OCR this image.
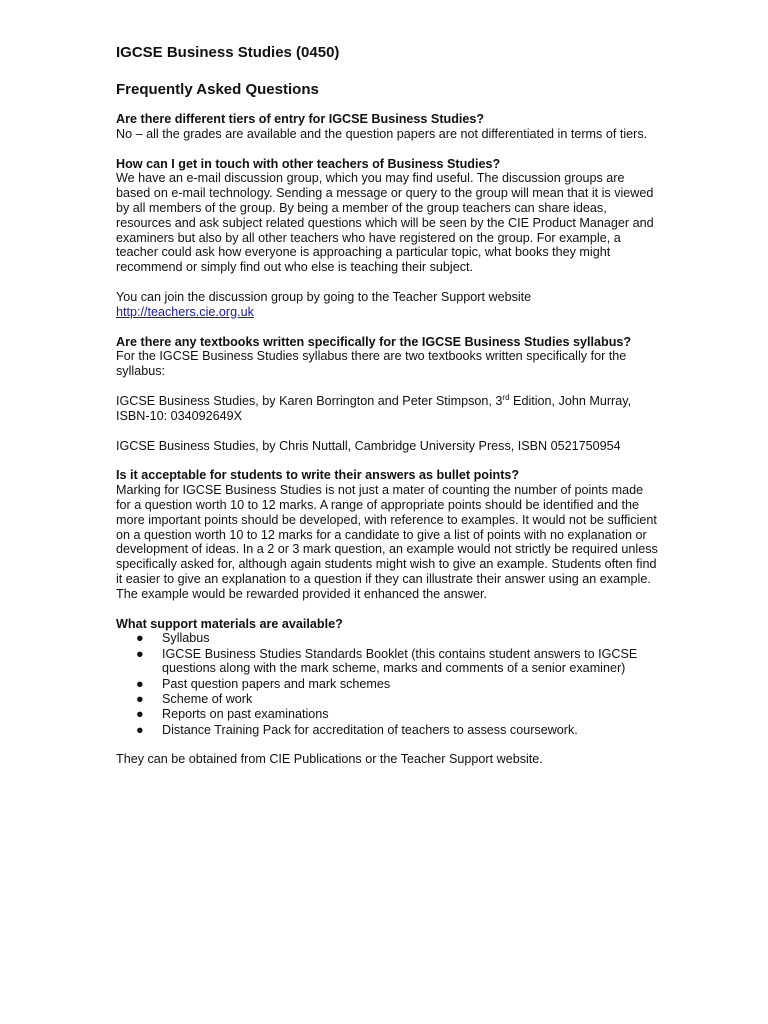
IGCSE Business Studies (0450)
Frequently Asked Questions

Are there different tiers of entry for IGCSE Business Studies?

No – all the grades are available and the question papers are not differentiated in terms of tiers.

How can I get in touch with other teachers of Business Studies?

We have an e-mail discussion group, which you may find useful. The discussion groups are based on e-mail technology. Sending a message or query to the group will mean that it is viewed by all members of the group. By being a member of the group teachers can share ideas, resources and ask subject related questions which will be seen by the CIE Product Manager and examiners but also by all other teachers who have registered on the group. For example, a teacher could ask how everyone is approaching a particular topic, what books they might recommend or simply find out who else is teaching their subject.

You can join the discussion group by going to the Teacher Support website
http://teachers.cie.org.uk

Are there any textbooks written specifically for the IGCSE Business Studies syllabus?

For the IGCSE Business Studies syllabus there are two textbooks written specifically for the syllabus:

IGCSE Business Studies, by Karen Borrington and Peter Stimpson, 3rd Edition, John Murray, ISBN-10: 034092649X

IGCSE Business Studies, by Chris Nuttall, Cambridge University Press, ISBN 0521750954

Is it acceptable for students to write their answers as bullet points?

Marking for IGCSE Business Studies is not just a mater of counting the number of points made for a question worth 10 to 12 marks. A range of appropriate points should be identified and the more important points should be developed, with reference to examples. It would not be sufficient on a question worth 10 to 12 marks for a candidate to give a list of points with no explanation or development of ideas. In a 2 or 3 mark question, an example would not strictly be required unless specifically asked for, although again students might wish to give an example. Students often find it easier to give an explanation to a question if they can illustrate their answer using an example. The example would be rewarded provided it enhanced the answer.

What support materials are available?

● Syllabus
● IGCSE Business Studies Standards Booklet (this contains student answers to IGCSE questions along with the mark scheme, marks and comments of a senior examiner)
● Past question papers and mark schemes
● Scheme of work
● Reports on past examinations
● Distance Training Pack for accreditation of teachers to assess coursework.

They can be obtained from CIE Publications or the Teacher Support website.
